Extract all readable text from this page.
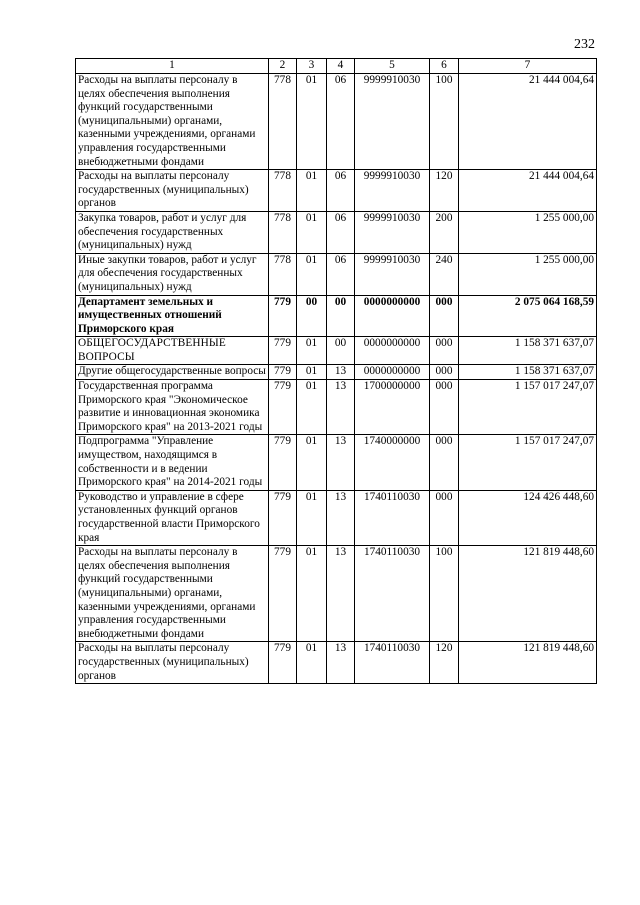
232
1	2	3	4	5	6	7
Расходы на выплаты персоналу в целях обеспечения выполнения функций государственными (муниципальными) органами, казенными учреждениями, органами управления государственными внебюджетными фондами	778	01	06	9999910030	100	21 444 004,64
Расходы на выплаты персоналу государственных (муниципальных) органов	778	01	06	9999910030	120	21 444 004,64
Закупка товаров, работ и услуг для обеспечения государственных (муниципальных) нужд	778	01	06	9999910030	200	1 255 000,00
Иные закупки товаров, работ и услуг для обеспечения государственных (муниципальных) нужд	778	01	06	9999910030	240	1 255 000,00
Департамент земельных и имущественных отношений Приморского края	779	00	00	0000000000	000	2 075 064 168,59
ОБЩЕГОСУДАРСТВЕННЫЕ ВОПРОСЫ	779	01	00	0000000000	000	1 158 371 637,07
Другие общегосударственные вопросы	779	01	13	0000000000	000	1 158 371 637,07
Государственная программа Приморского края "Экономическое развитие и инновационная экономика Приморского края" на 2013-2021 годы	779	01	13	1700000000	000	1 157 017 247,07
Подпрограмма "Управление имуществом, находящимся в собственности и в ведении Приморского края" на 2014-2021 годы	779	01	13	1740000000	000	1 157 017 247,07
Руководство и управление в сфере установленных функций органов государственной власти Приморского края	779	01	13	1740110030	000	124 426 448,60
Расходы на выплаты персоналу в целях обеспечения выполнения функций государственными (муниципальными) органами, казенными учреждениями, органами управления государственными внебюджетными фондами	779	01	13	1740110030	100	121 819 448,60
Расходы на выплаты персоналу государственных (муниципальных) органов	779	01	13	1740110030	120	121 819 448,60
